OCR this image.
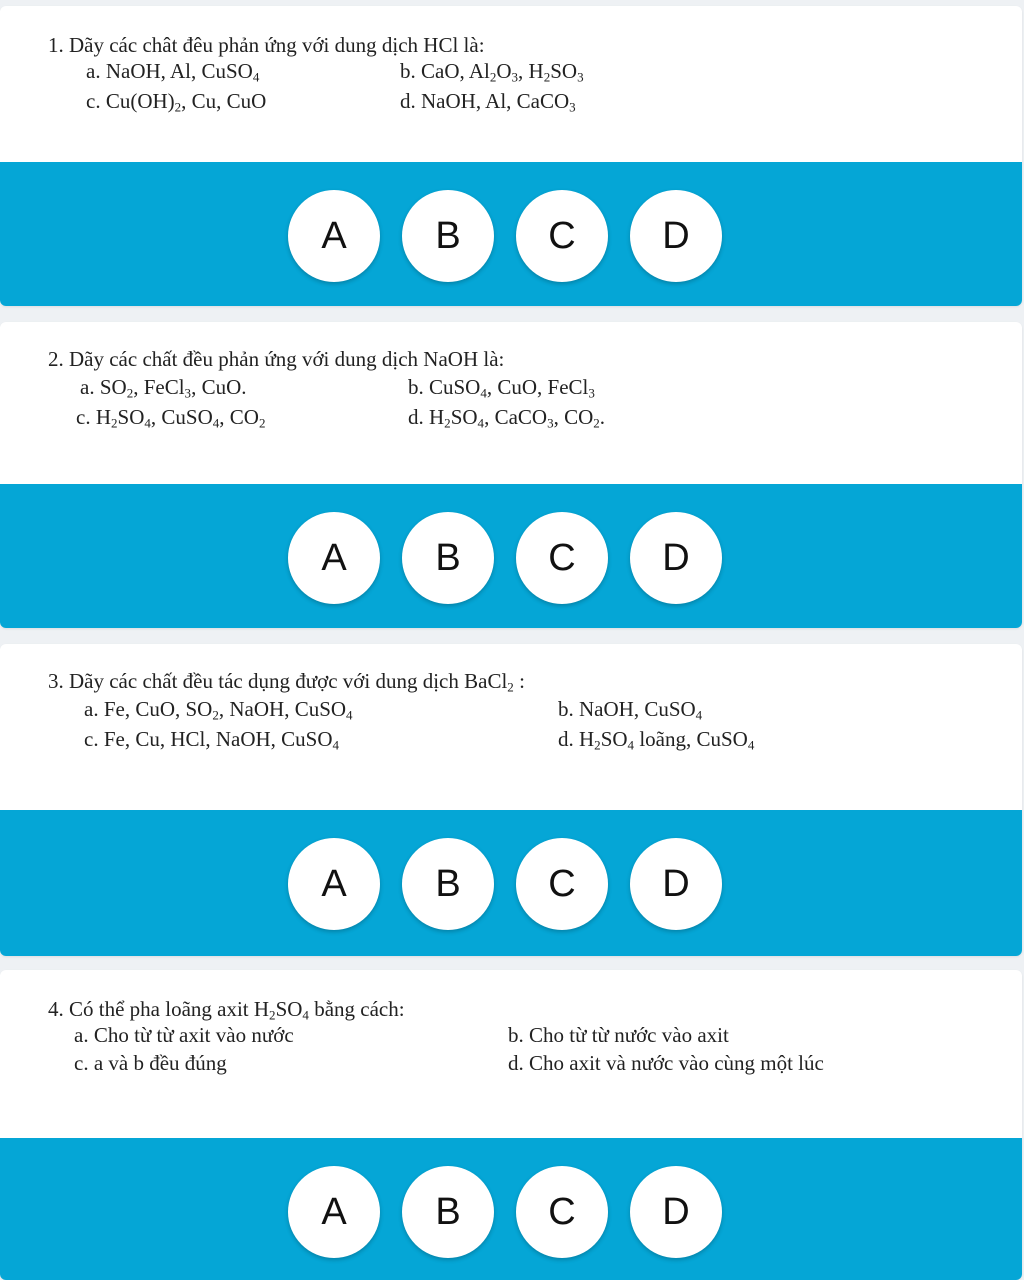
1. Dãy các chât đêu phản ứng với dung dịch HCl là:
a. NaOH, Al, CuSO$_4$	b. CaO, $Al_2O_3$, $H_2SO_3$
c. $Cu(OH)_2$, Cu, CuO	d. NaOH, Al, CaCO$_3$
A	B	C	D
2. Dãy các chất đều phản ứng với dung dịch NaOH là:
a. $SO_2$, FeCl$_3$, CuO.	b. CuSO$_4$, CuO, FeCl$_3$
c. $H_2SO_4$, CuSO$_4$, $CO_2$	d. $H_2SO_4$, CaCO$_3$, $CO_2$.
A	B	C	D
3. Dãy các chất đều tác dụng được với dung dịch BaCl$_2$ :
a. Fe, CuO, $SO_2$, NaOH, CuSO$_4$	b. NaOH, CuSO$_4$
c. Fe, Cu, HCl, NaOH, CuSO$_4$	d. $H_2SO_4$ loãng, CuSO$_4$
A	B	C	D
4. Có thể pha loãng axit $H_2SO_4$ bằng cách:
a. Cho từ từ axit vào nước	b. Cho từ từ nước vào axit
c. a và b đều đúng	d. Cho axit và nước vào cùng một lúc
A	B	C	D
